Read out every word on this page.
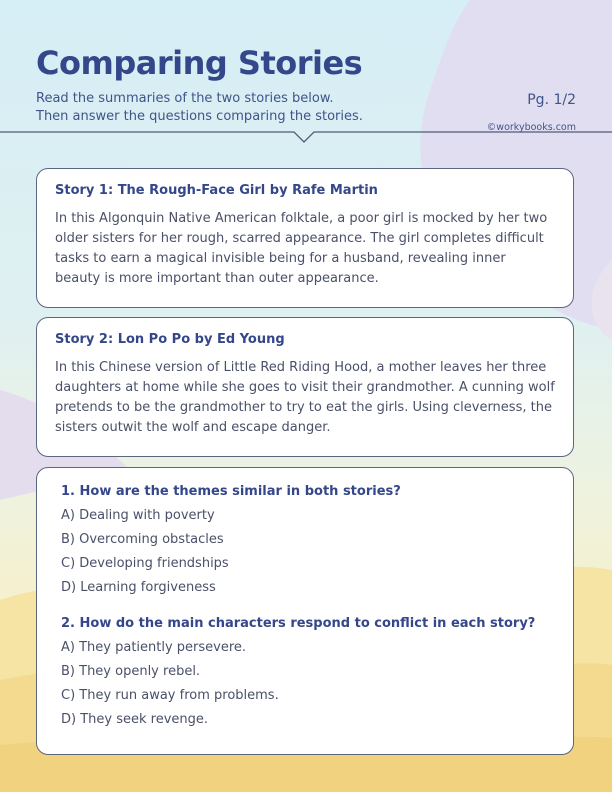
Comparing Stories
Read the summaries of the two stories below.
Then answer the questions comparing the stories.
Pg. 1/2
©workybooks.com

Story 1: The Rough-Face Girl by Rafe Martin

In this Algonquin Native American folktale, a poor girl is mocked by her two older sisters for her rough, scarred appearance. The girl completes difficult tasks to earn a magical invisible being for a husband, revealing inner beauty is more important than outer appearance.

Story 2: Lon Po Po by Ed Young

In this Chinese version of Little Red Riding Hood, a mother leaves her three daughters at home while she goes to visit their grandmother. A cunning wolf pretends to be the grandmother to try to eat the girls. Using cleverness, the sisters outwit the wolf and escape danger.

1. How are the themes similar in both stories?

A) Dealing with poverty
B) Overcoming obstacles
C) Developing friendships
D) Learning forgiveness

2. How do the main characters respond to conflict in each story?

A) They patiently persevere.
B) They openly rebel.
C) They run away from problems.
D) They seek revenge.
